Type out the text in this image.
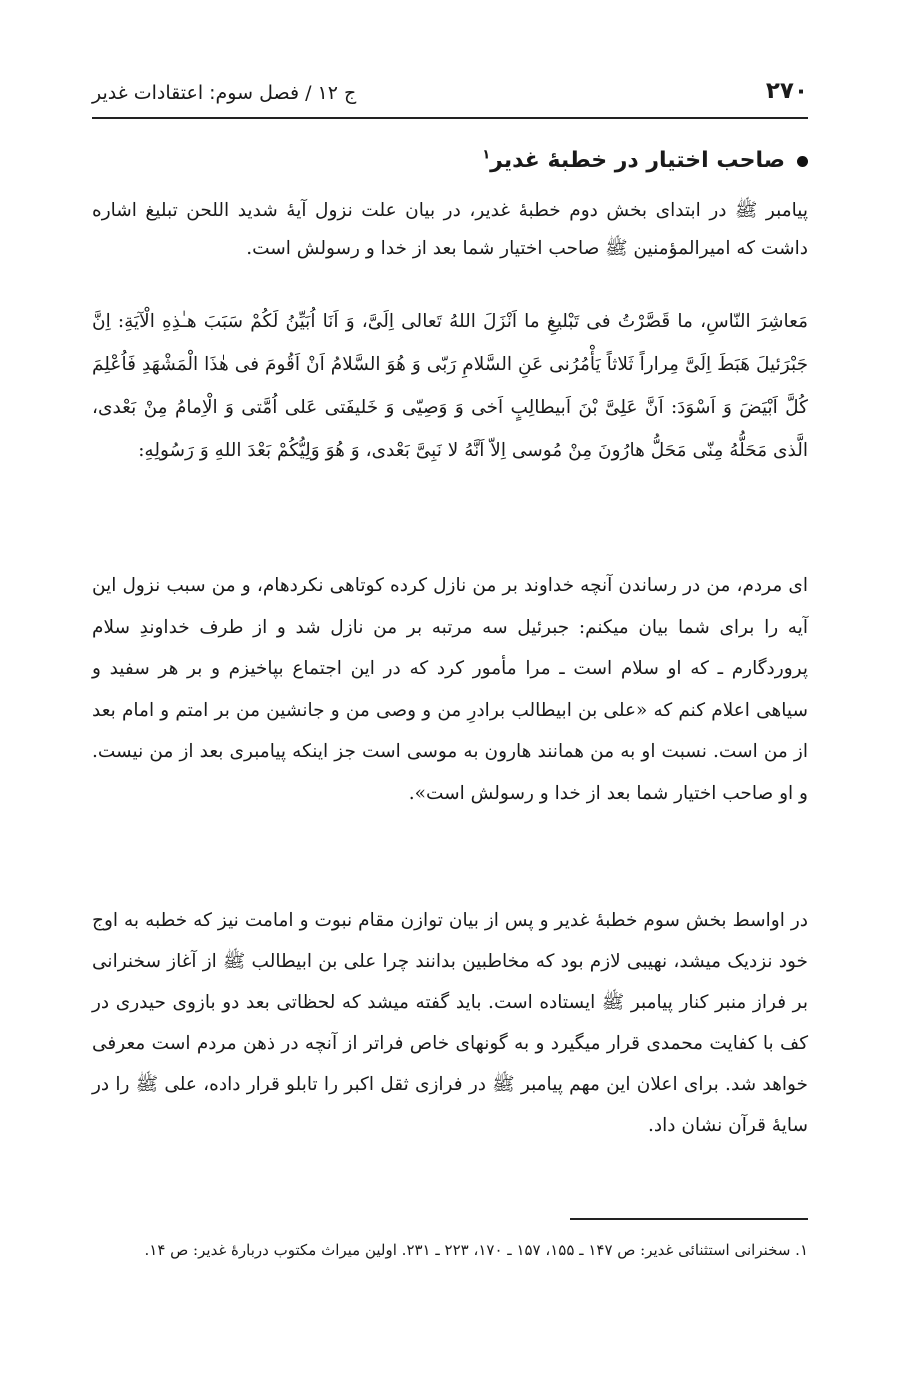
۲۷۰
ج ۱۲ / فصل سوم: اعتقادات غدیر
صاحب اختیار در خطبهٔ غدیر$^۱$

پیامبر ﷺ در ابتدای بخش دوم خطبهٔ غدیر، در بیان علت نزول آیهٔ شدید اللحن تبلیغ اشاره داشت که امیرالمؤمنین ﷺ صاحب اختیار شما بعد از خدا و رسولش است.

مَعاشِرَ النّاسِ، ما قَصَّرْتُ فی تَبْلیغِ ما اَنْزَلَ اللهُ تَعالی اِلَیَّ، وَ اَنَا اُبَیِّنُ لَکُمْ سَبَبَ هـٰذِهِ الْآیَةِ: اِنَّ جَبْرَئیلَ هَبَطَ اِلَیَّ مِراراً ثَلاثاً یَأْمُرُنی عَنِ السَّلامِ رَبّی وَ هُوَ السَّلامُ اَنْ اَقُومَ فی هٰذَا الْمَشْهَدِ فَاُعْلِمَ کُلَّ اَبْیَضَ وَ اَسْوَدَ: اَنَّ عَلِیَّ بْنَ اَبیطالِبٍ اَخی وَ وَصِیّی وَ خَلیفَتی عَلی اُمَّتی وَ الْاِمامُ مِنْ بَعْدی، الَّذی مَحَلُّهُ مِنّی مَحَلُّ هارُونَ مِنْ مُوسی اِلاّ اَنَّهُ لا نَبِیَّ بَعْدی، وَ هُوَ وَلِیُّکُمْ بَعْدَ اللهِ وَ رَسُولِهِ:

ای مردم، من در رساندن آنچه خداوند بر من نازل کرده کوتاهی نکردهام، و من سبب نزول این آیه را برای شما بیان میکنم: جبرئیل سه مرتبه بر من نازل شد و از طرف خداوندِ سلام پروردگارم ـ که او سلام است ـ مرا مأمور کرد که در این اجتماع بپاخیزم و بر هر سفید و سیاهی اعلام کنم که «علی بن ابیطالب برادرِ من و وصی من و جانشین من بر امتم و امام بعد از من است. نسبت او به من همانند هارون به موسی است جز اینکه پیامبری بعد از من نیست. و او صاحب اختیار شما بعد از خدا و رسولش است».

در اواسط بخش سوم خطبهٔ غدیر و پس از بیان توازن مقام نبوت و امامت نیز که خطبه به اوج خود نزدیک میشد، نهیبی لازم بود که مخاطبین بدانند چرا علی بن ابیطالب ﷺ از آغاز سخنرانی بر فراز منبر کنار پیامبر ﷺ ایستاده است. باید گفته میشد که لحظاتی بعد دو بازوی حیدری در کف با کفایت محمدی قرار میگیرد و به گونهای خاص فراتر از آنچه در ذهن مردم است معرفی خواهد شد. برای اعلان این مهم پیامبر ﷺ در فرازی ثقل اکبر را تابلو قرار داده، علی ﷺ را در سایهٔ قرآن نشان داد.

۱. سخنرانی استثنائی غدیر: ص ۱۴۷ ـ ۱۵۵، ۱۵۷ ـ ۱۷۰، ۲۲۳ ـ ۲۳۱. اولین میراث مکتوب دربارهٔ غدیر: ص ۱۴.
